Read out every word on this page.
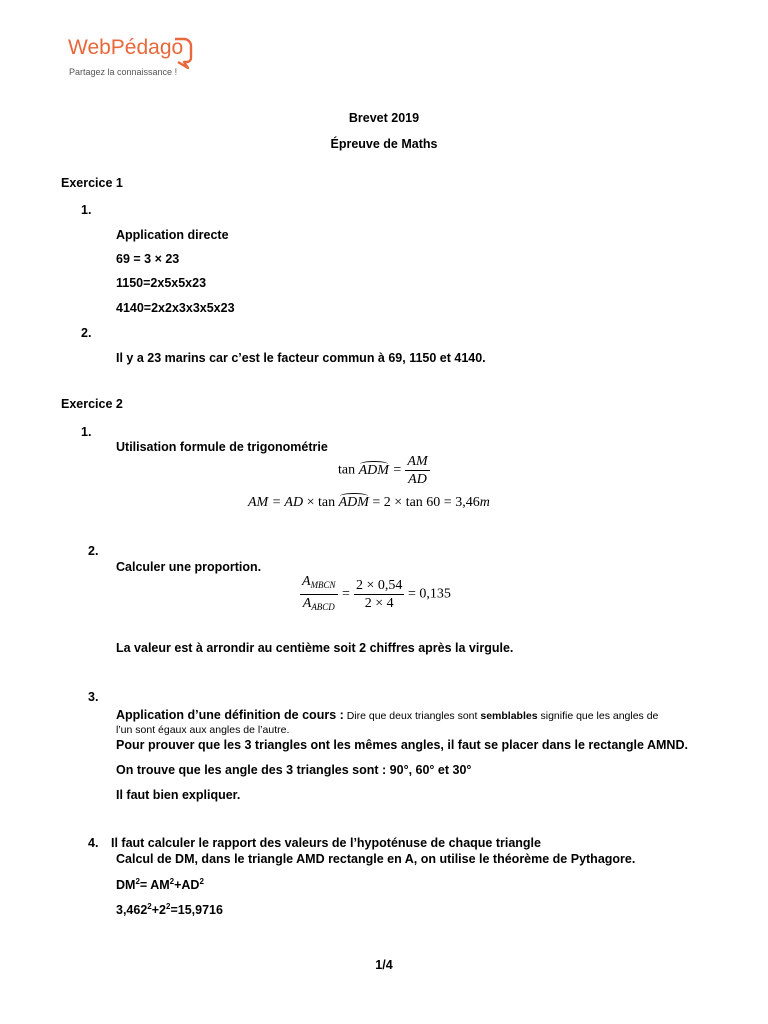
WebPédago
Partagez la connaissance !
Brevet 2019
Épreuve de Maths
Exercice 1
1.
Application directe
69 = 3 × 23
1150=2x5x5x23
4140=2x2x3x3x5x23
2.
Il y a 23 marins car c’est le facteur commun à 69, 1150 et 4140.
Exercice 2
1.
Utilisation formule de trigonométrie
tan ADM = $\frac{AM}{AD}$
AM = AD × tan ADM = 2 × tan 60 = 3,46m
2.
Calculer une proportion.
$\frac{A_{MBCN}}{A_{ABCD}} = \frac{2 \times 0,54}{2 \times 4} = 0,135$
La valeur est à arrondir au centième soit 2 chiffres après la virgule.
3.
Application d’une définition de cours : Dire que deux triangles sont semblables signifie que les angles de
l’un sont égaux aux angles de l’autre.
Pour prouver que les 3 triangles ont les mêmes angles, il faut se placer dans le rectangle AMND.
On trouve que les angle des 3 triangles sont : 90°, 60° et 30°
Il faut bien expliquer.
4. Il faut calculer le rapport des valeurs de l’hypoténuse de chaque triangle
Calcul de DM, dans le triangle AMD rectangle en A, on utilise le théorème de Pythagore.
$DM^2= AM^2+AD^2$
$3,462^2+2^2=15,9716$
1/4
